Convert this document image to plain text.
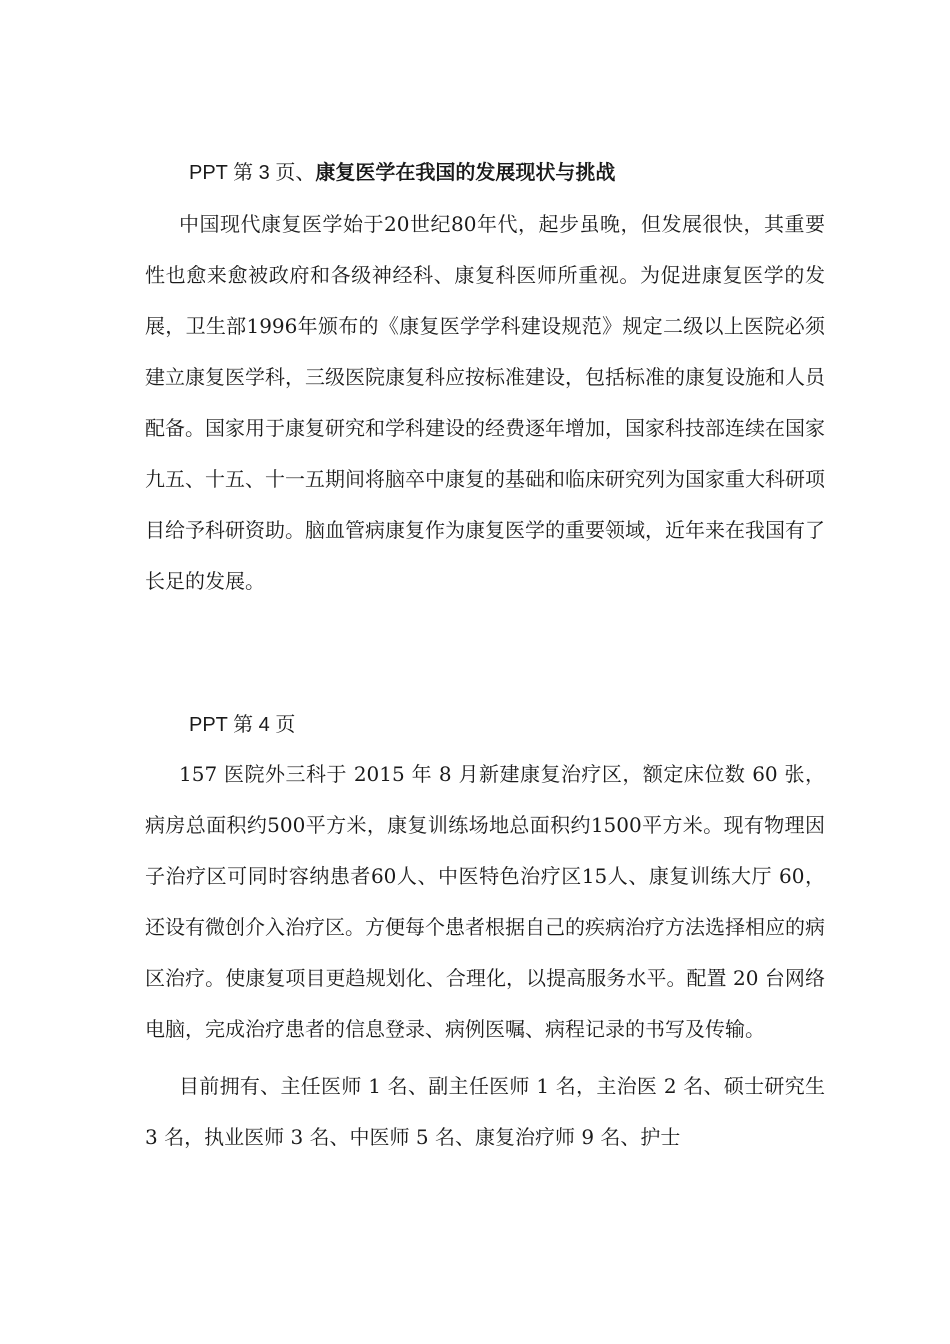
PPT 第 3 页、康复医学在我国的发展现状与挑战

中国现代康复医学始于20世纪80年代，起步虽晚，但发展很快，其重要性也愈来愈被政府和各级神经科、康复科医师所重视。为促进康复医学的发展，卫生部1996年颁布的《康复医学学科建设规范》规定二级以上医院必须建立康复医学科，三级医院康复科应按标准建设，包括标准的康复设施和人员配备。国家用于康复研究和学科建设的经费逐年增加，国家科技部连续在国家九五、十五、十一五期间将脑卒中康复的基础和临床研究列为国家重大科研项目给予科研资助。脑血管病康复作为康复医学的重要领域，近年来在我国有了长足的发展。

PPT 第 4 页

157 医院外三科于 2015 年 8 月新建康复治疗区，额定床位数 60 张，病房总面积约500平方米，康复训练场地总面积约1500平方米。现有物理因子治疗区可同时容纳患者60人、中医特色治疗区15人、康复训练大厅 60，还设有微创介入治疗区。方便每个患者根据自己的疾病治疗方法选择相应的病区治疗。使康复项目更趋规划化、合理化，以提高服务水平。配置 20 台网络电脑，完成治疗患者的信息登录、病例医嘱、病程记录的书写及传输。

目前拥有、主任医师 1 名、副主任医师 1 名，主治医 2 名、硕士研究生 3 名，执业医师 3 名、中医师 5 名、康复治疗师 9 名、护士
